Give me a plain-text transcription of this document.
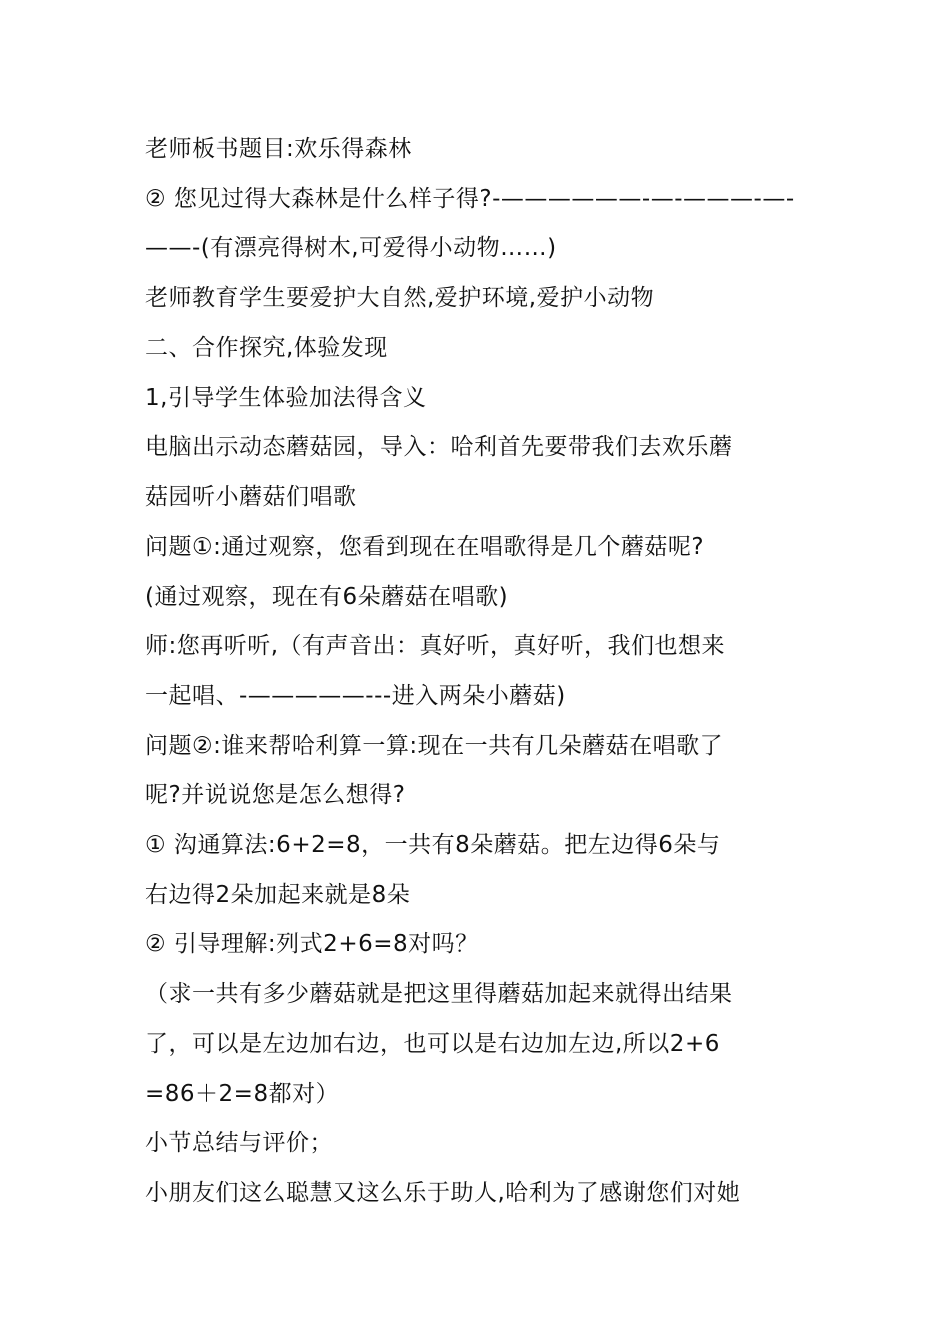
老师板书题目:欢乐得森林
② 您见过得大森林是什么样子得?-——————-—-———-—-
——-(有漂亮得树木,可爱得小动物……)
老师教育学生要爱护大自然,爱护环境,爱护小动物
二、合作探究,体验发现
1,引导学生体验加法得含义
电脑出示动态蘑菇园，导入：哈利首先要带我们去欢乐蘑
菇园听小蘑菇们唱歌
问题①:通过观察，您看到现在在唱歌得是几个蘑菇呢?
(通过观察，现在有6朵蘑菇在唱歌)
师:您再听听,（有声音出：真好听，真好听，我们也想来
一起唱、-—————---进入两朵小蘑菇)
问题②:谁来帮哈利算一算:现在一共有几朵蘑菇在唱歌了
呢?并说说您是怎么想得?
① 沟通算法:6+2=8，一共有8朵蘑菇。把左边得6朵与
右边得2朵加起来就是8朵
② 引导理解:列式2+6=8对吗？
（求一共有多少蘑菇就是把这里得蘑菇加起来就得出结果
了，可以是左边加右边，也可以是右边加左边,所以2+6
=86＋2=8都对）
小节总结与评价；
小朋友们这么聪慧又这么乐于助人,哈利为了感谢您们对她
